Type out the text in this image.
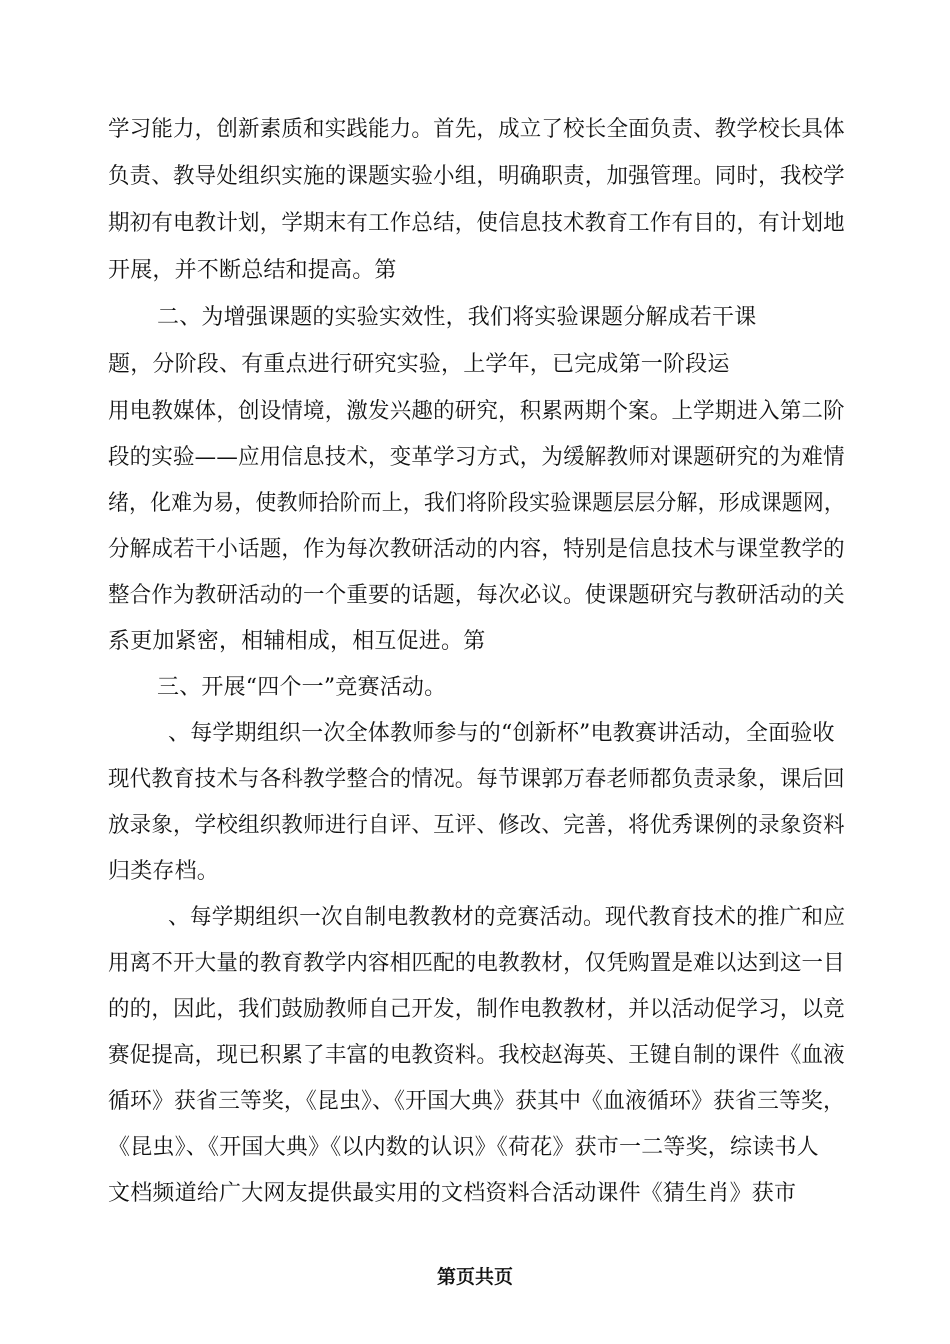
学习能力，创新素质和实践能力。首先，成立了校长全面负责、教学校长具体
负责、教导处组织实施的课题实验小组，明确职责，加强管理。同时，我校学
期初有电教计划，学期末有工作总结，使信息技术教育工作有目的，有计划地
开展，并不断总结和提高。第
二、为增强课题的实验实效性，我们将实验课题分解成若干课
题，分阶段、有重点进行研究实验，上学年，已完成第一阶段运
用电教媒体，创设情境，激发兴趣的研究，积累两期个案。上学期进入第二阶
段的实验——应用信息技术，变革学习方式，为缓解教师对课题研究的为难情
绪，化难为易，使教师拾阶而上，我们将阶段实验课题层层分解，形成课题网，
分解成若干小话题，作为每次教研活动的内容，特别是信息技术与课堂教学的
整合作为教研活动的一个重要的话题，每次必议。使课题研究与教研活动的关
系更加紧密，相辅相成，相互促进。第
三、开展“四个一”竞赛活动。
、每学期组织一次全体教师参与的“创新杯”电教赛讲活动，全面验收
现代教育技术与各科教学整合的情况。每节课郭万春老师都负责录象，课后回
放录象，学校组织教师进行自评、互评、修改、完善，将优秀课例的录象资料
归类存档。
、每学期组织一次自制电教教材的竞赛活动。现代教育技术的推广和应
用离不开大量的教育教学内容相匹配的电教教材，仅凭购置是难以达到这一目
的的，因此，我们鼓励教师自己开发，制作电教教材，并以活动促学习，以竞
赛促提高，现已积累了丰富的电教资料。我校赵海英、王键自制的课件《血液
循环》获省三等奖，《昆虫》、《开国大典》获其中《血液循环》获省三等奖，
《昆虫》、《开国大典》《以内数的认识》《荷花》获市一二等奖，综读书人
文档频道给广大网友提供最实用的文档资料合活动课件《猜生肖》获市
第页共页
